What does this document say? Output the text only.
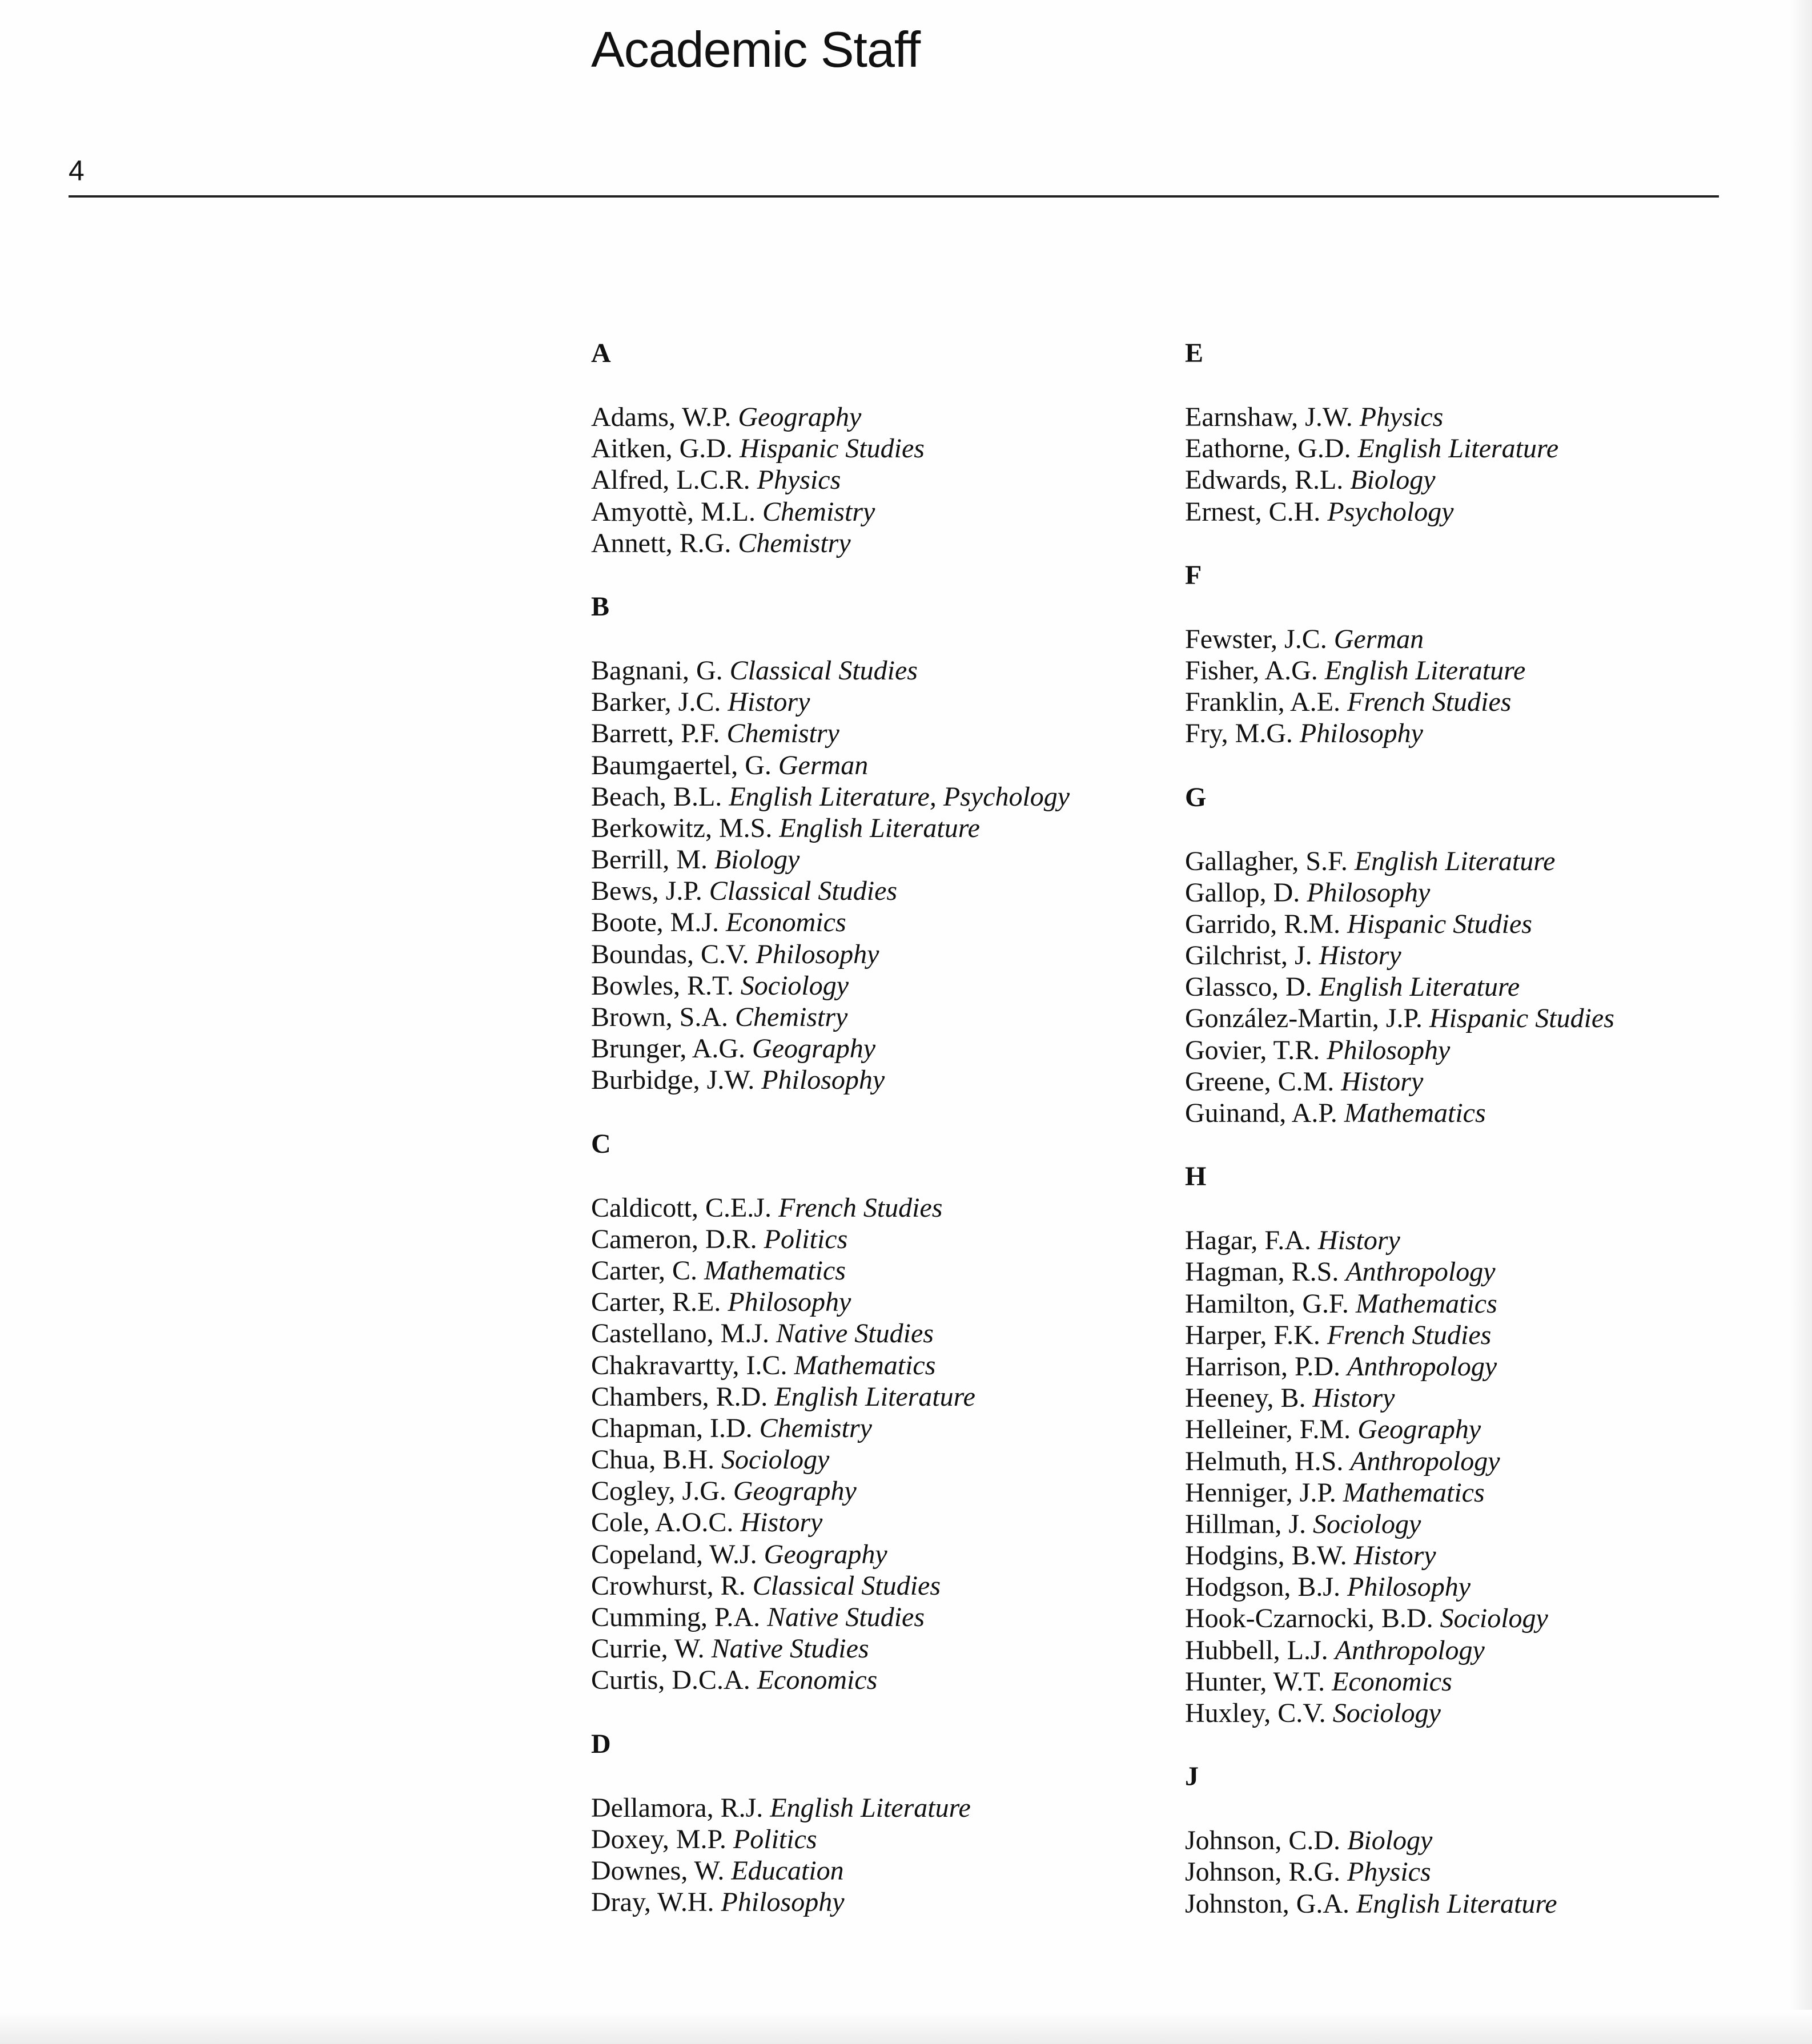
Academic Staff
4
A
Adams, W.P. Geography
Aitken, G.D. Hispanic Studies
Alfred, L.C.R. Physics
Amyottè, M.L. Chemistry
Annett, R.G. Chemistry
B
Bagnani, G. Classical Studies
Barker, J.C. History
Barrett, P.F. Chemistry
Baumgaertel, G. German
Beach, B.L. English Literature, Psychology
Berkowitz, M.S. English Literature
Berrill, M. Biology
Bews, J.P. Classical Studies
Boote, M.J. Economics
Boundas, C.V. Philosophy
Bowles, R.T. Sociology
Brown, S.A. Chemistry
Brunger, A.G. Geography
Burbidge, J.W. Philosophy
C
Caldicott, C.E.J. French Studies
Cameron, D.R. Politics
Carter, C. Mathematics
Carter, R.E. Philosophy
Castellano, M.J. Native Studies
Chakravartty, I.C. Mathematics
Chambers, R.D. English Literature
Chapman, I.D. Chemistry
Chua, B.H. Sociology
Cogley, J.G. Geography
Cole, A.O.C. History
Copeland, W.J. Geography
Crowhurst, R. Classical Studies
Cumming, P.A. Native Studies
Currie, W. Native Studies
Curtis, D.C.A. Economics
D
Dellamora, R.J. English Literature
Doxey, M.P. Politics
Downes, W. Education
Dray, W.H. Philosophy
E
Earnshaw, J.W. Physics
Eathorne, G.D. English Literature
Edwards, R.L. Biology
Ernest, C.H. Psychology
F
Fewster, J.C. German
Fisher, A.G. English Literature
Franklin, A.E. French Studies
Fry, M.G. Philosophy
G
Gallagher, S.F. English Literature
Gallop, D. Philosophy
Garrido, R.M. Hispanic Studies
Gilchrist, J. History
Glassco, D. English Literature
González-Martin, J.P. Hispanic Studies
Govier, T.R. Philosophy
Greene, C.M. History
Guinand, A.P. Mathematics
H
Hagar, F.A. History
Hagman, R.S. Anthropology
Hamilton, G.F. Mathematics
Harper, F.K. French Studies
Harrison, P.D. Anthropology
Heeney, B. History
Helleiner, F.M. Geography
Helmuth, H.S. Anthropology
Henniger, J.P. Mathematics
Hillman, J. Sociology
Hodgins, B.W. History
Hodgson, B.J. Philosophy
Hook-Czarnocki, B.D. Sociology
Hubbell, L.J. Anthropology
Hunter, W.T. Economics
Huxley, C.V. Sociology
J
Johnson, C.D. Biology
Johnson, R.G. Physics
Johnston, G.A. English Literature
